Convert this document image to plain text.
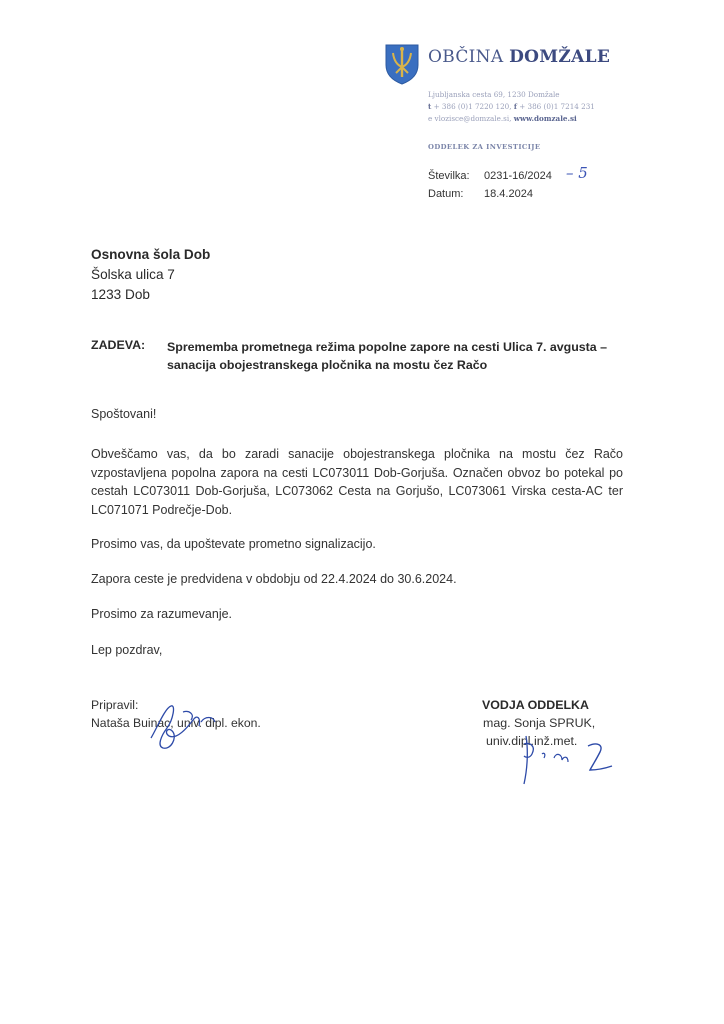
OBČINA DOMŽALE
Ljubljanska cesta 69, 1230 Domžale
t + 386 (0)1 7220 120, f + 386 (0)1 7214 231
e vlozisce@domzale.si, www.domzale.si
ODDELEK ZA INVESTICIJE
Številka: 0231-16/2024
Datum: 18.4.2024
– 5
Osnovna šola Dob
Šolska ulica 7
1233 Dob
ZADEVA: Sprememba prometnega režima popolne zapore na cesti Ulica 7. avgusta – sanacija obojestranskega pločnika na mostu čez Račo
Spoštovani!
Obveščamo vas, da bo zaradi sanacije obojestranskega pločnika na mostu čez Račo vzpostavljena popolna zapora na cesti LC073011 Dob-Gorjuša. Označen obvoz bo potekal po cestah LC073011 Dob-Gorjuša, LC073062 Cesta na Gorjušo, LC073061 Virska cesta-AC ter LC071071 Podrečje-Dob.
Prosimo vas, da upoštevate prometno signalizacijo.
Zapora ceste je predvidena v obdobju od 22.4.2024 do 30.6.2024.
Prosimo za razumevanje.
Lep pozdrav,
Pripravil:
Nataša Buinac, univ. dipl. ekon.
VODJA ODDELKA
mag. Sonja SPRUK,
univ.dipl.inž.met.
